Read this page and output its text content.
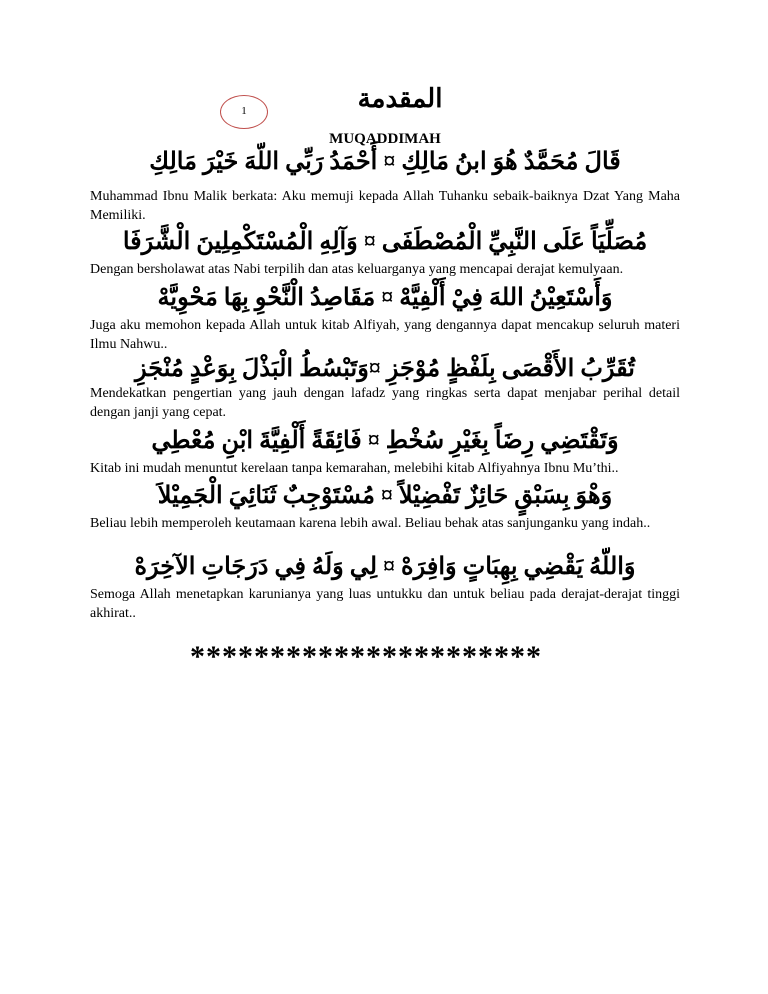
1	المقدمة
MUQADDIMAH
قَالَ مُحَمَّدٌ هُوَ ابنُ مَالِكِ ¤ أَحْمَدُ رَبِّي اللّهَ خَيْرَ مَالِكِ
Muhammad Ibnu Malik berkata: Aku memuji kepada Allah Tuhanku sebaik-baiknya Dzat Yang Maha Memiliki.
مُصَلِّيَاً عَلَى النَّبِيِّ الْمُصْطَفَى ¤ وَآلِهِ الْمُسْتَكْمِلِينَ الْشَّرَفَا
Dengan bersholawat atas Nabi terpilih dan atas keluarganya yang mencapai derajat kemulyaan.
وَأَسْتَعِيْنُ اللهَ فِيْ أَلْفِيَّهْ ¤ مَقَاصِدُ الْنَّحْوِ بِهَا مَحْوِيَّهْ
Juga aku memohon kepada Allah untuk kitab Alfiyah, yang dengannya dapat mencakup seluruh materi Ilmu Nahwu..
تُقَرِّبُ الأَقْصَى بِلَفْظٍ مُوْجَزِ ¤وَتَبْسُطُ الْبَذْلَ بِوَعْدٍ مُنْجَزِ
Mendekatkan pengertian yang jauh dengan lafadz yang ringkas serta dapat menjabar perihal detail dengan janji yang cepat.
وَتَقْتَضِي رِضَاً بِغَيْرِ سُخْطِ ¤ فَائِقَةً أَلْفِيَّةَ ابْنِ مُعْطِي
Kitab ini mudah menuntut kerelaan tanpa kemarahan, melebihi kitab Alfiyahnya Ibnu Mu’thi..
وَهْوَ بِسَبْقٍ حَائِزٌ تَفْضِيْلاً ¤ مُسْتَوْجِبٌ ثَنَائِيَ الْجَمِيْلاَ
Beliau lebih memperoleh keutamaan karena lebih awal. Beliau behak atas sanjunganku yang indah..
وَاللّهُ يَقْضِي بِهِبَاتٍ وَافِرَهْ ¤ لِي وَلَهُ فِي دَرَجَاتِ الآخِرَهْ
Semoga Allah menetapkan karunianya yang luas untukku dan untuk beliau pada derajat-derajat tinggi akhirat..
**********************
